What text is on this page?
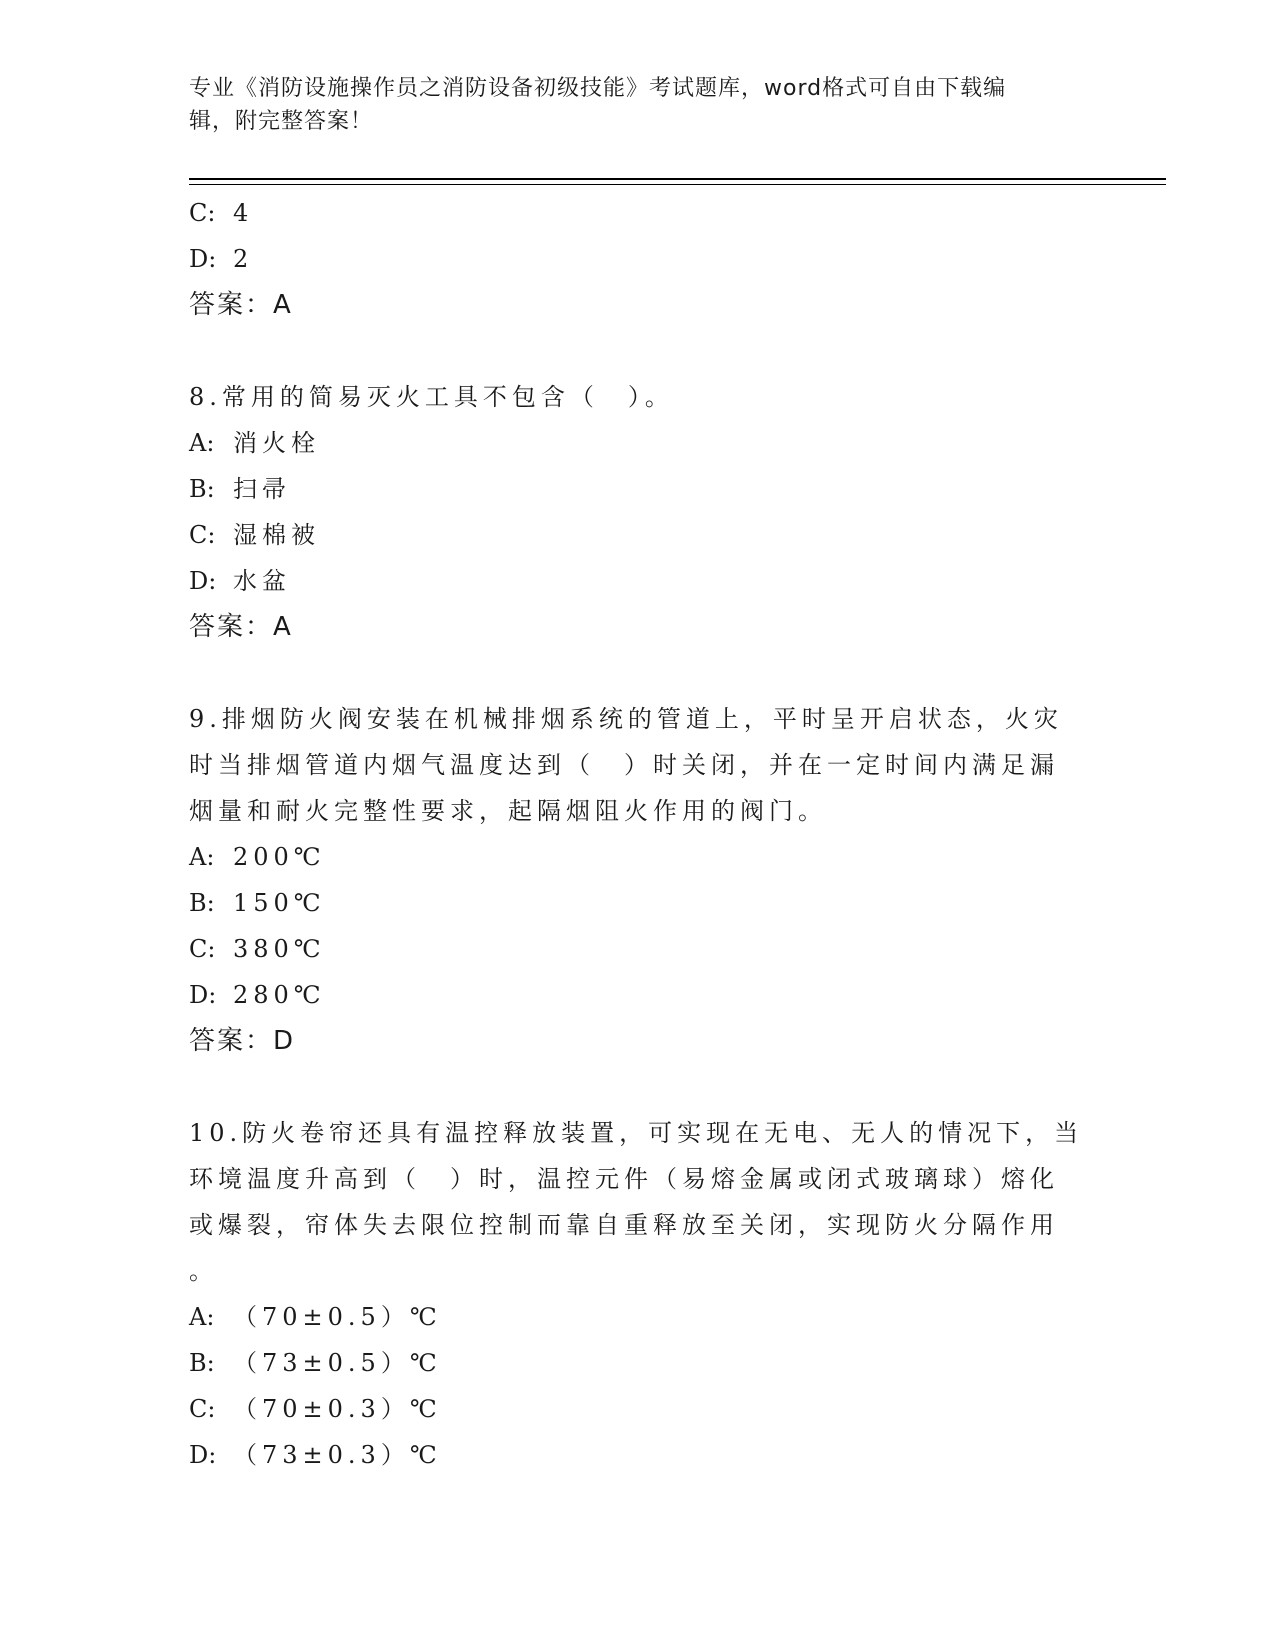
专业《消防设施操作员之消防设备初级技能》考试题库，word格式可自由下载编
辑，附完整答案！
C: 4
D: 2
答案：A
8.常用的简易灭火工具不包含（　）。
A: 消火栓
B: 扫帚
C: 湿棉被
D: 水盆
答案：A
9.排烟防火阀安装在机械排烟系统的管道上，平时呈开启状态，火灾
时当排烟管道内烟气温度达到（　）时关闭，并在一定时间内满足漏
烟量和耐火完整性要求，起隔烟阻火作用的阀门。
A: 200℃
B: 150℃
C: 380℃
D: 280℃
答案：D
10.防火卷帘还具有温控释放装置，可实现在无电、无人的情况下，当
环境温度升高到（　）时，温控元件（易熔金属或闭式玻璃球）熔化
或爆裂，帘体失去限位控制而靠自重释放至关闭，实现防火分隔作用
。
A: （70±0.5）℃
B: （73±0.5）℃
C: （70±0.3）℃
D: （73±0.3）℃
